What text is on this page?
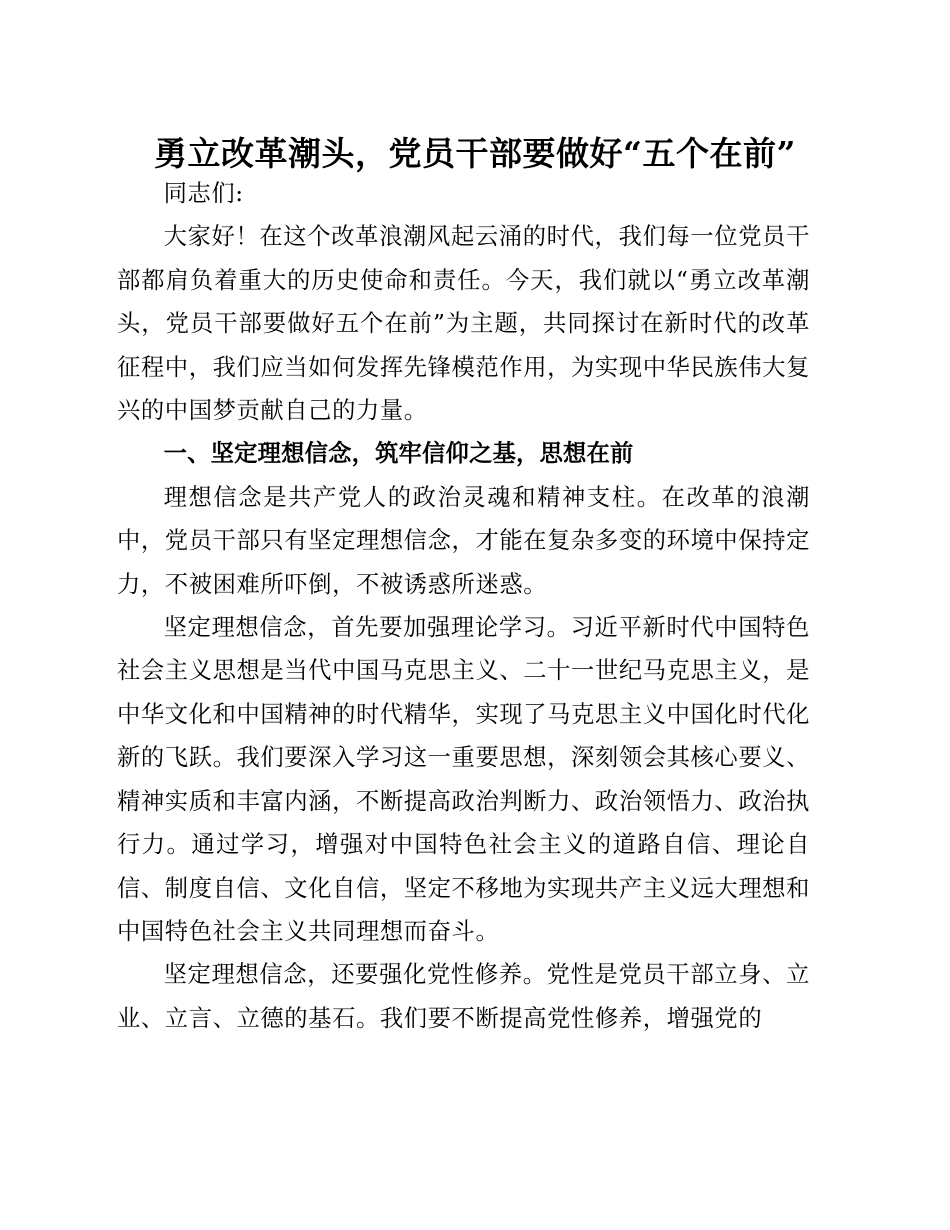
勇立改革潮头，党员干部要做好“五个在前”

同志们:

大家好！在这个改革浪潮风起云涌的时代，我们每一位党员干部都肩负着重大的历史使命和责任。今天，我们就以“勇立改革潮头，党员干部要做好五个在前”为主题，共同探讨在新时代的改革征程中，我们应当如何发挥先锋模范作用，为实现中华民族伟大复兴的中国梦贡献自己的力量。

一、坚定理想信念，筑牢信仰之基，思想在前

理想信念是共产党人的政治灵魂和精神支柱。在改革的浪潮中，党员干部只有坚定理想信念，才能在复杂多变的环境中保持定力，不被困难所吓倒，不被诱惑所迷惑。

坚定理想信念，首先要加强理论学习。习近平新时代中国特色社会主义思想是当代中国马克思主义、二十一世纪马克思主义，是中华文化和中国精神的时代精华，实现了马克思主义中国化时代化新的飞跃。我们要深入学习这一重要思想，深刻领会其核心要义、精神实质和丰富内涵，不断提高政治判断力、政治领悟力、政治执行力。通过学习，增强对中国特色社会主义的道路自信、理论自信、制度自信、文化自信，坚定不移地为实现共产主义远大理想和中国特色社会主义共同理想而奋斗。

坚定理想信念，还要强化党性修养。党性是党员干部立身、立业、立言、立德的基石。我们要不断提高党性修养，增强党的
